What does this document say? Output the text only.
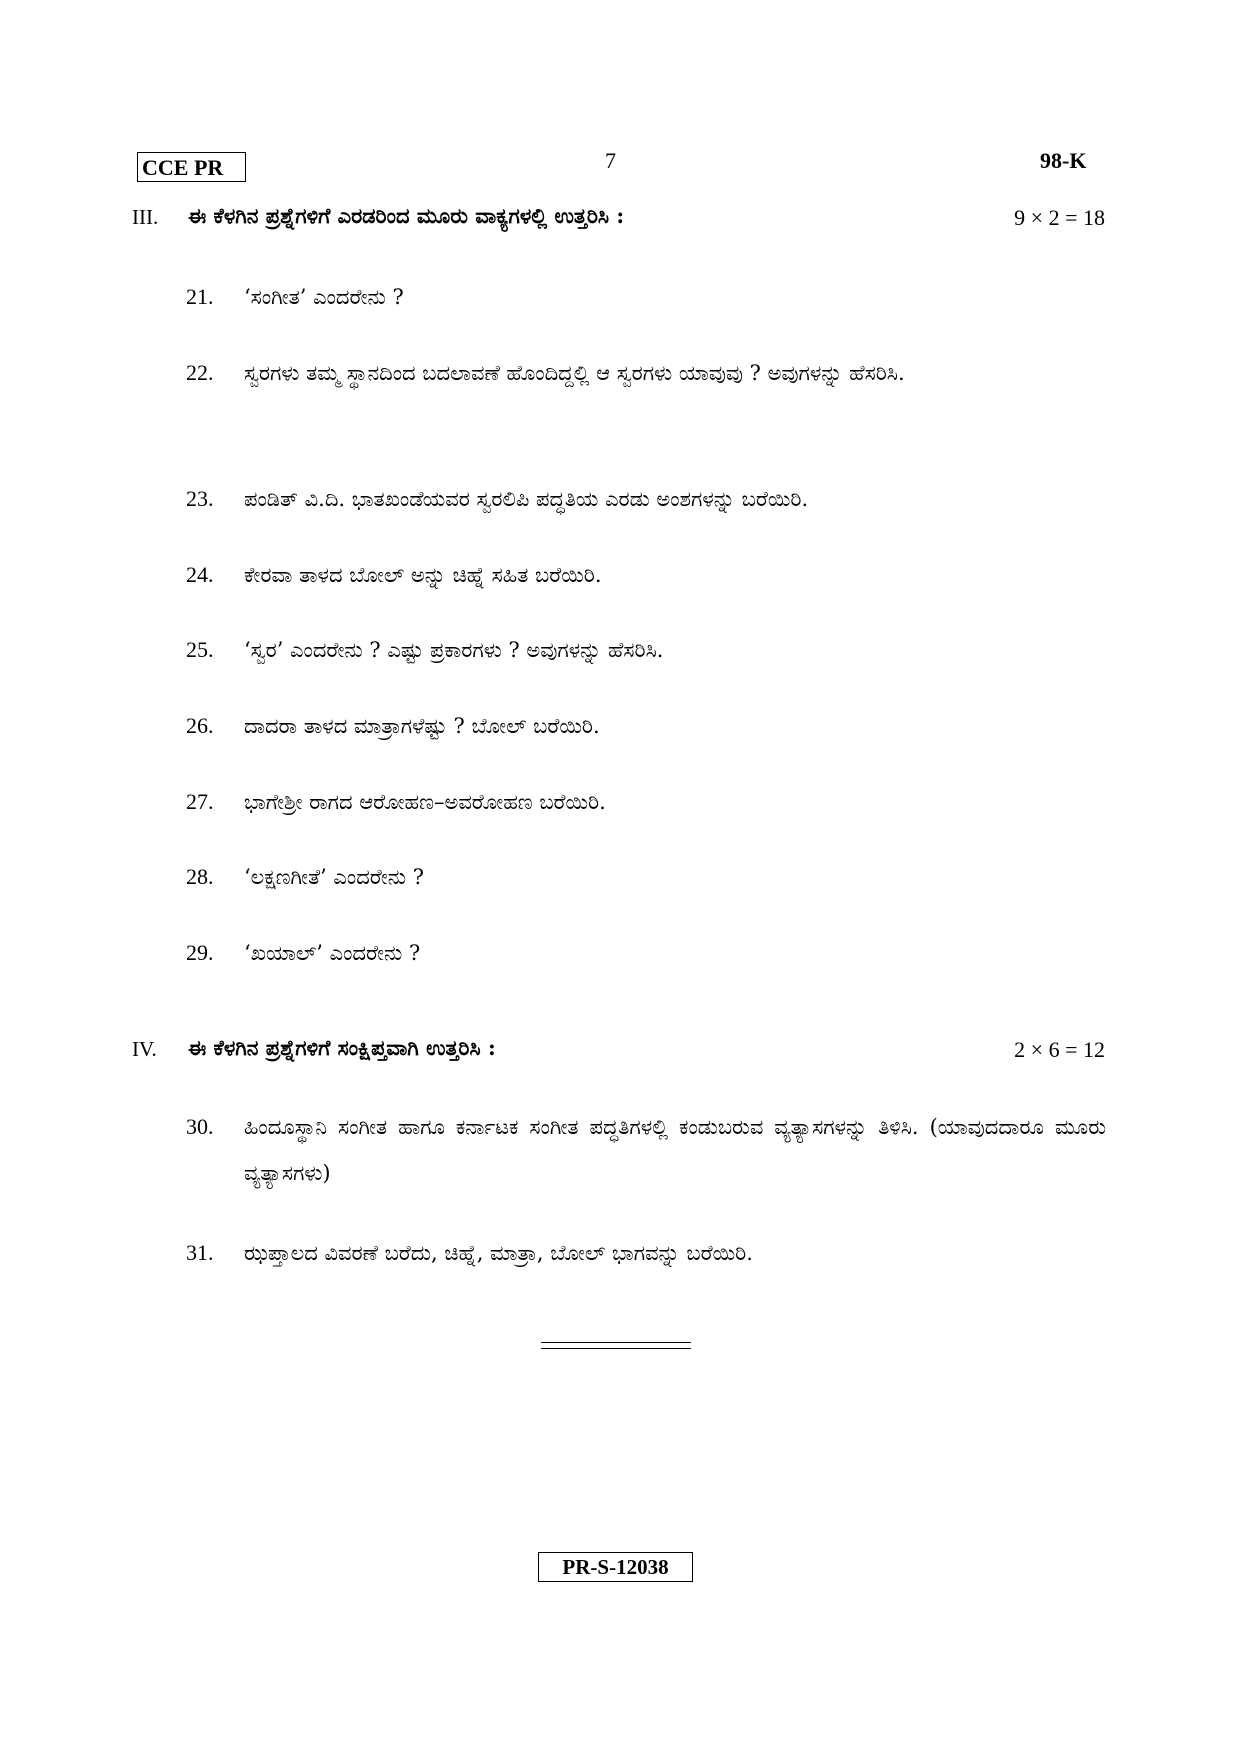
CCE PR	7	98-K
III. ಈ ಕೆಳಗಿನ ಪ್ರಶ್ನೆಗಳಿಗೆ ಎರಡರಿಂದ ಮೂರು ವಾಕ್ಯಗಳಲ್ಲಿ ಉತ್ತರಿಸಿ :	9 × 2 = 18
21. ‘ಸಂಗೀತ’ ಎಂದರೇನು ?
22. ಸ್ವರಗಳು ತಮ್ಮ ಸ್ಥಾನದಿಂದ ಬದಲಾವಣೆ ಹೊಂದಿದ್ದಲ್ಲಿ ಆ ಸ್ವರಗಳು ಯಾವುವು ? ಅವುಗಳನ್ನು ಹೆಸರಿಸಿ.
23. ಪಂಡಿತ್ ವಿ.ದಿ. ಭಾತಖಂಡೆಯವರ ಸ್ವರಲಿಪಿ ಪದ್ಧತಿಯ ಎರಡು ಅಂಶಗಳನ್ನು ಬರೆಯಿರಿ.
24. ಕೇರವಾ ತಾಳದ ಬೋಲ್ ಅನ್ನು ಚಿಹ್ನೆ ಸಹಿತ ಬರೆಯಿರಿ.
25. ‘ಸ್ವರ’ ಎಂದರೇನು ? ಎಷ್ಟು ಪ್ರಕಾರಗಳು ? ಅವುಗಳನ್ನು ಹೆಸರಿಸಿ.
26. ದಾದರಾ ತಾಳದ ಮಾತ್ರಾಗಳೆಷ್ಟು ? ಬೋಲ್ ಬರೆಯಿರಿ.
27. ಭಾಗೇಶ್ರೀ ರಾಗದ ಆರೋಹಣ–ಅವರೋಹಣ ಬರೆಯಿರಿ.
28. ‘ಲಕ್ಷಣಗೀತೆ’ ಎಂದರೇನು ?
29. ‘ಖಯಾಲ್’ ಎಂದರೇನು ?
IV. ಈ ಕೆಳಗಿನ ಪ್ರಶ್ನೆಗಳಿಗೆ ಸಂಕ್ಷಿಪ್ತವಾಗಿ ಉತ್ತರಿಸಿ :	2 × 6 = 12
30. ಹಿಂದೂಸ್ಥಾನಿ ಸಂಗೀತ ಹಾಗೂ ಕರ್ನಾಟಕ ಸಂಗೀತ ಪದ್ಧತಿಗಳಲ್ಲಿ ಕಂಡುಬರುವ ವ್ಯತ್ಯಾಸಗಳನ್ನು ತಿಳಿಸಿ. (ಯಾವುದದಾರೂ ಮೂರು ವ್ಯತ್ಯಾಸಗಳು)
31. ಝಪ್ತಾಲದ ವಿವರಣೆ ಬರೆದು, ಚಿಹ್ನೆ, ಮಾತ್ರಾ, ಬೋಲ್ ಭಾಗವನ್ನು ಬರೆಯಿರಿ.
PR-S-12038
